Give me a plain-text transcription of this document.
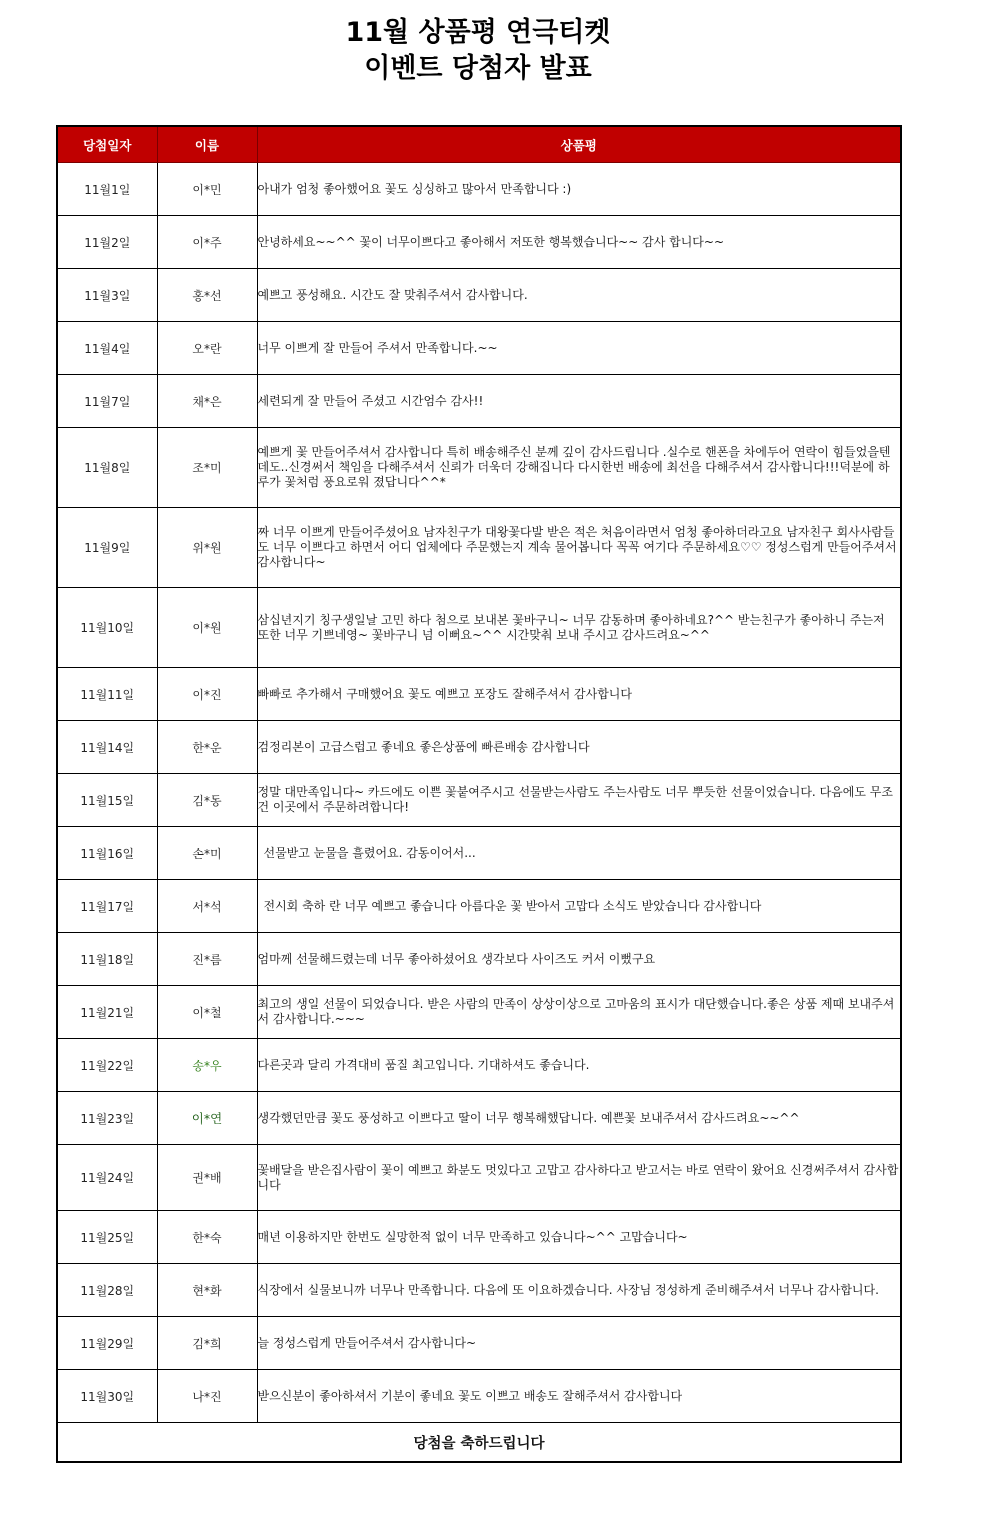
11월 상품평 연극티켓
이벤트 당첨자 발표
당첨일자	이름	상품평
11월1일	이*민	아내가 엄청 좋아했어요 꽃도 싱싱하고 많아서 만족합니다 :)
11월2일	이*주	안녕하세요~~^^ 꽃이 너무이쁘다고 좋아해서 저또한 행복했습니다~~ 감사 합니다~~
11월3일	홍*선	예쁘고 풍성해요. 시간도 잘 맞춰주셔서 감사합니다.
11월4일	오*란	너무 이쁘게 잘 만들어 주셔서 만족합니다.~~
11월7일	채*은	세련되게 잘 만들어 주셨고 시간엄수 감사!!
11월8일	조*미	예쁘게 꽃 만들어주셔서 감사합니다 특히 배송해주신 분께 깊이 감사드립니다 .실수로 핸폰을 차에두어 연락이 힘들었을텐데도..신경써서 책임을 다해주셔서 신뢰가 더욱더 강해집니다 다시한번 배송에 최선을 다해주셔서 감사합니다!!!덕분에 하루가 꽃처럼 풍요로워 졌답니다^^*
11월9일	위*원	짜 너무 이쁘게 만들어주셨어요 남자친구가 대왕꽃다발 받은 적은 처음이라면서 엄청 좋아하더라고요 남자친구 회사사람들도 너무 이쁘다고 하면서 어디 업체에다 주문했는지 계속 물어봅니다 꼭꼭 여기다 주문하세요♡♡ 정성스럽게 만들어주셔서 감사합니다~
11월10일	이*원	삼십년지기 칭구생일날 고민 하다 첨으로 보내본 꽃바구니~ 너무 감동하며 좋아하네요?^^ 받는친구가 좋아하니 주는저 또한 너무 기쁘네영~ 꽃바구니 넘 이뻐요~^^ 시간맞춰 보내 주시고 감사드려요~^^
11월11일	이*진	빠빠로 추가해서 구매했어요 꽃도 예쁘고 포장도 잘해주셔서 감사합니다
11월14일	한*운	검정리본이 고급스럽고 좋네요 좋은상품에 빠른배송 감사합니다
11월15일	김*동	정말 대만족입니다~ 카드에도 이쁜 꽃붙여주시고 선물받는사람도 주는사람도 너무 뿌듯한 선물이었습니다. 다음에도 무조건 이곳에서 주문하려합니다!
11월16일	손*미	선물받고 눈물을 흘렸어요. 감동이어서...
11월17일	서*석	전시회 축하 란 너무 예쁘고 좋습니다 아름다운 꽃 받아서 고맙다 소식도 받았습니다 감사합니다
11월18일	진*름	엄마께 선물해드렸는데 너무 좋아하셨어요 생각보다 사이즈도 커서 이뻤구요
11월21일	이*철	최고의 생일 선물이 되었습니다. 받은 사람의 만족이 상상이상으로 고마움의 표시가 대단했습니다.좋은 상품 제때 보내주셔서 감사합니다.~~~
11월22일	송*우	다른곳과 달리 가격대비 품질 최고입니다. 기대하셔도 좋습니다.
11월23일	이*연	생각했던만큼 꽃도 풍성하고 이쁘다고 딸이 너무 행복해했답니다. 예쁜꽃 보내주셔서 감사드려요~~^^
11월24일	권*배	꽃배달을 받은집사람이 꽃이 예쁘고 화분도 멋있다고 고맙고 감사하다고 받고서는 바로 연락이 왔어요 신경써주셔서 감사합니다
11월25일	한*숙	매년 이용하지만 한번도 실망한적 없이 너무 만족하고 있습니다~^^ 고맙습니다~
11월28일	현*화	식장에서 실물보니까 너무나 만족합니다. 다음에 또 이요하겠습니다. 사장님 정성하게 준비해주셔서 너무나 감사합니다.
11월29일	김*희	늘 정성스럽게 만들어주셔서 감사합니다~
11월30일	나*진	받으신분이 좋아하셔서 기분이 좋네요 꽃도 이쁘고 배송도 잘해주셔서 감사합니다
당첨을 축하드립니다		
